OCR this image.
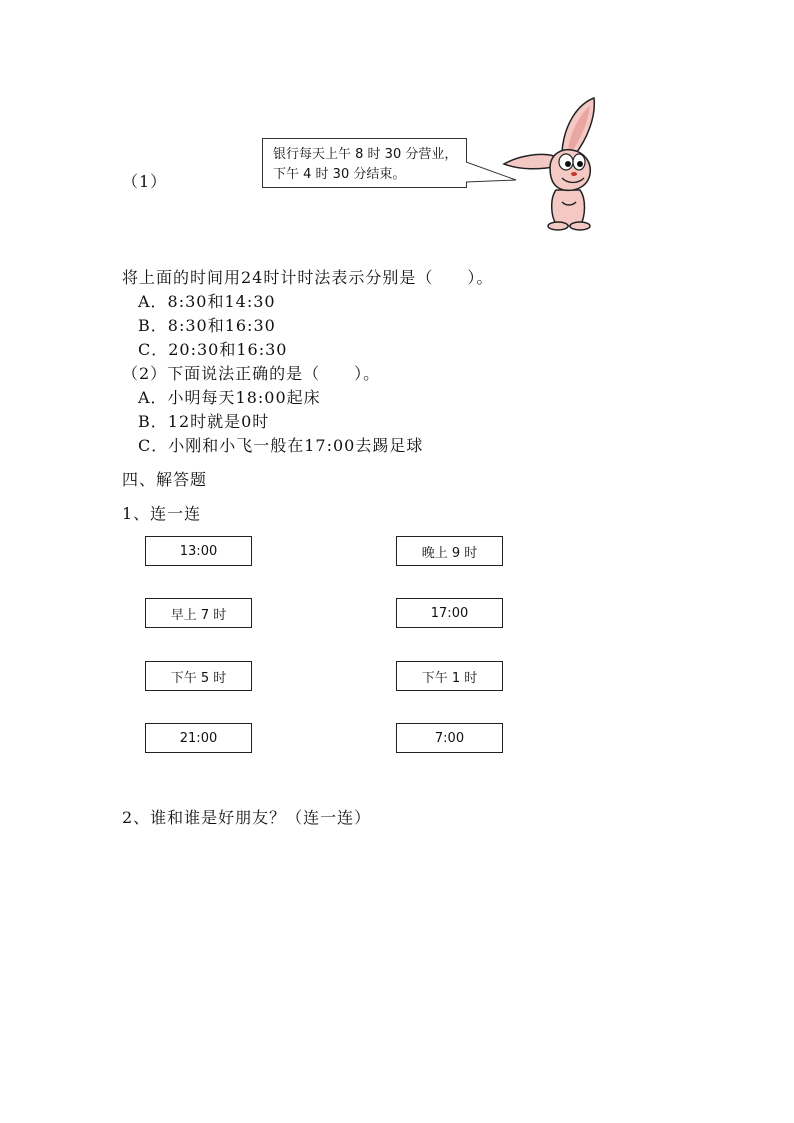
（1）
银行每天上午 8 时 30 分营业，
下午 4 时 30 分结束。
将上面的时间用24时计时法表示分别是（　　）。
A．8:30和14:30
B．8:30和16:30
C．20:30和16:30
（2）下面说法正确的是（　　）。
A．小明每天18:00起床
B．12时就是0时
C．小刚和小飞一般在17:00去踢足球
四、解答题
1、连一连
13:00
早上 7 时
下午 5 时
21:00
晚上 9 时
17:00
下午 1 时
7:00
2、谁和谁是好朋友？（连一连）
